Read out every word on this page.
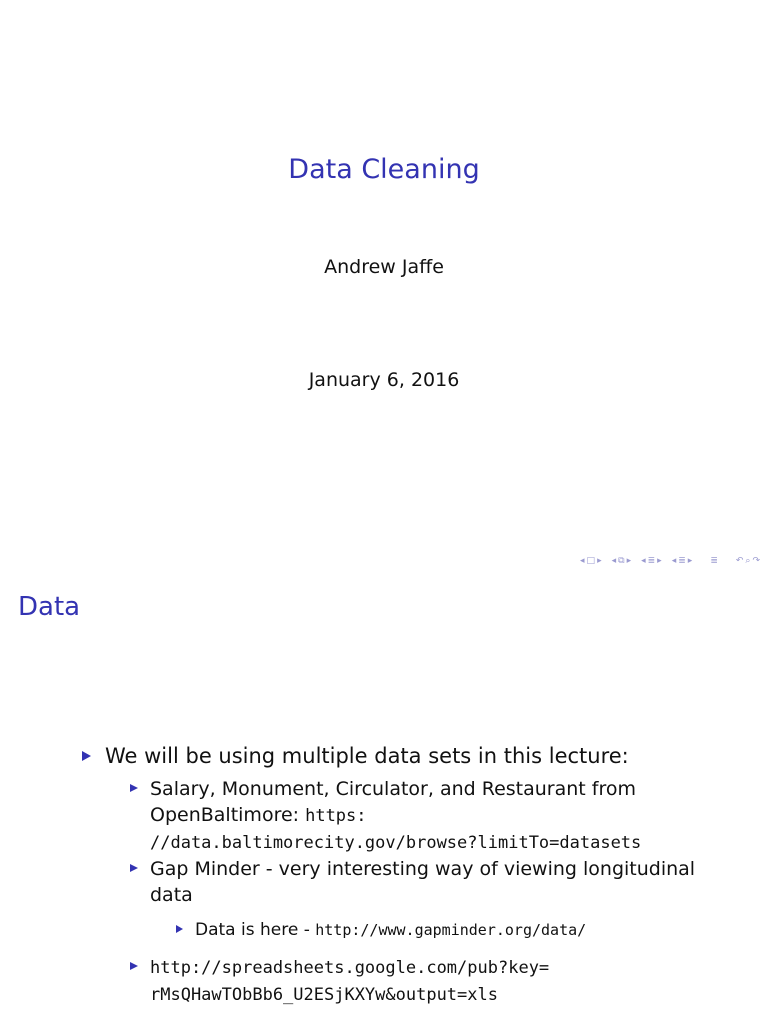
Data Cleaning
Andrew Jaffe
January 6, 2016
◂ □ ▸ ◂ ⧉ ▸ ◂ ≣ ▸ ◂ ≣ ▸ ≣ ↶ ⌕ ↷
Data
We will be using multiple data sets in this lecture:
Salary, Monument, Circulator, and Restaurant from OpenBaltimore: https:
//data.baltimorecity.gov/browse?limitTo=datasets
Gap Minder - very interesting way of viewing longitudinal data
Data is here - http://www.gapminder.org/data/
http://spreadsheets.google.com/pub?key=
rMsQHawTObBb6_U2ESjKXYw&output=xls
